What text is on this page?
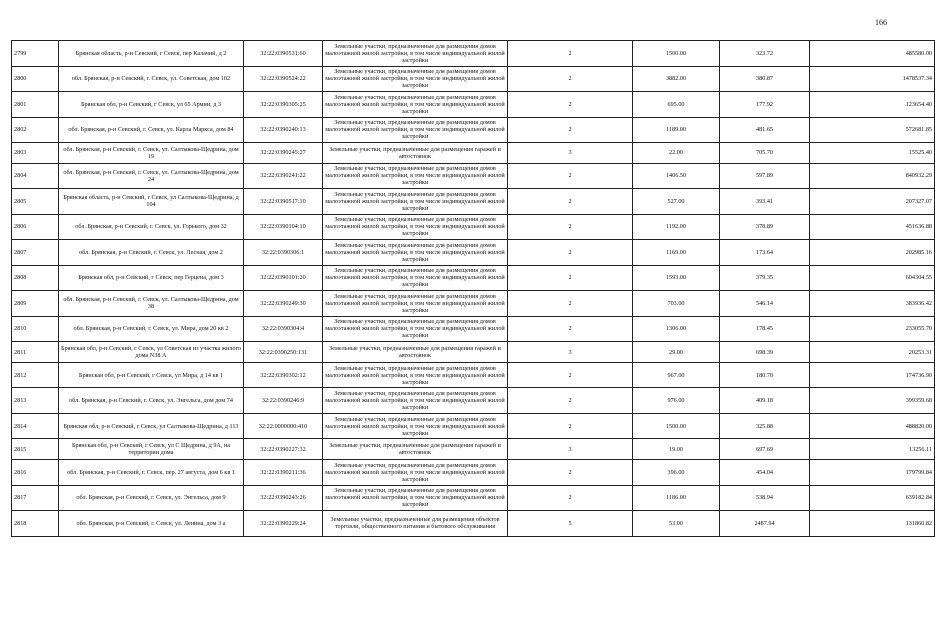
166
2799	Брянская область, р-н Севский, г Севск, пер Калачий, д 2	32:22:0390531:60	Земельные участки, предназначенные для размещения домов малоэтажной жилой застройки, в том числе индивидуальной жилой застройки	2	1500.00	323.72	485580.00
2800	обл. Брянская, р-н Севский, г. Севск, ул. Советская, дом 102	32:22:0390524:22	Земельные участки, предназначенные для размещения домов малоэтажной жилой застройки, в том числе индивидуальной жилой застройки	2	3882.00	380.87	1478537.34
2801	Брянская обл, р-н Севский, г Севск, ул 65 Армии, д 3	32:22:0390305:25	Земельные участки, предназначенные для размещения домов малоэтажной жилой застройки, в том числе индивидуальной жилой застройки	2	695.00	177.92	123654.40
2802	обл. Брянская, р-н Севский, г. Севск, ул. Карла Маркса, дом 84	32:22:0390240:13	Земельные участки, предназначенные для размещения домов малоэтажной жилой застройки, в том числе индивидуальной жилой застройки	2	1189.00	481.65	572681.85
2803	обл. Брянская, р-н Севский, г. Севск, ул. Салтыкова-Щедрина, дом 19	32:22:0390245:27	Земельные участки, предназначенные для размещения гаражей и автостоянок	3	22.00	705.70	15525.40
2804	обл. Брянская, р-н Севский, г. Севск, ул. Салтыкова-Щедрина, дом 24	32:22:0390241:22	Земельные участки, предназначенные для размещения домов малоэтажной жилой застройки, в том числе индивидуальной жилой застройки	2	1406.50	597.89	840932.29
2805	Брянская область, р-н Севский, г Севск, ул Салтыкова-Щедрина, д 104	32:22:0390517:10	Земельные участки, предназначенные для размещения домов малоэтажной жилой застройки, в том числе индивидуальной жилой застройки	2	527.00	393.41	207327.07
2806	обл. Брянская, р-н Севский, г. Севск, ул. Горького, дом 32	32:22:0390104:10	Земельные участки, предназначенные для размещения домов малоэтажной жилой застройки, в том числе индивидуальной жилой застройки	2	1192.00	378.89	451636.88
2807	обл. Брянская, р-н Севский, г. Севск, ул. Лесная, дом 2	32:22:0390306:1	Земельные участки, предназначенные для размещения домов малоэтажной жилой застройки, в том числе индивидуальной жилой застройки	2	1169.00	173.64	202985.16
2808	Брянская обл, р-н Севский, г Севск, пер Герцена, дом 3	32:22:0390101:20	Земельные участки, предназначенные для размещения домов малоэтажной жилой застройки, в том числе индивидуальной жилой застройки	2	1593.00	379.35	604304.55
2809	обл. Брянская, р-н Севский, г. Севск, ул. Салтыкова-Щедрина, дом 38	32:22:0390249:30	Земельные участки, предназначенные для размещения домов малоэтажной жилой застройки, в том числе индивидуальной жилой застройки	2	703.00	546.14	383936.42
2810	обл. Брянская, р-н Севский, г. Севск, ул. Мира, дом 20 кв 2	32:22:0390304:4	Земельные участки, предназначенные для размещения домов малоэтажной жилой застройки, в том числе индивидуальной жилой застройки	2	1306.00	178.45	233055.70
2811	Брянская обл, р-н Севский, г Севск, ул Советская из участка жилого дома N38 А	32:22:0390250:131	Земельные участки, предназначенные для размещения гаражей и автостоянок	3	29.00	698.39	20253.31
2812	Брянская обл, р-н Севский, г Севск, ул Мира, д 14 кв 1	32:22:0390302:12	Земельные участки, предназначенные для размещения домов малоэтажной жилой застройки, в том числе индивидуальной жилой застройки	2	967.00	180.70	174736.90
2813	обл. Брянская, р-н Севский, г. Севск, ул. Энгельса, дом дом 74	32:22:0390246:9	Земельные участки, предназначенные для размещения домов малоэтажной жилой застройки, в том числе индивидуальной жилой застройки	2	976.00	409.18	399359.68
2814	Брянская обл, р-н Севский, г Севск, ул Салтыкова-Щедрина, д 113	32:22:0000000:410	Земельные участки, предназначенные для размещения домов малоэтажной жилой застройки, в том числе индивидуальной жилой застройки	2	1500.00	325.88	488820.00
2815	Брянская обл, р-н Севский, г Севск, ул С Щедрина, д 9А, на территории дома	32:22:0390227:32	Земельные участки, предназначенные для размещения гаражей и автостоянок	3	19.00	697.69	13256.11
2816	обл. Брянская, р-н Севский, г. Севск, пер. 27 августа, дом 6 кв 1	32:22:0390211:36	Земельные участки, предназначенные для размещения домов малоэтажной жилой застройки, в том числе индивидуальной жилой застройки	2	396.00	454.04	179799.84
2817	обл. Брянская, р-н Севский, г. Севск, ул. Энгельса, дом 9	32:22:0390243:26	Земельные участки, предназначенные для размещения домов малоэтажной жилой застройки, в том числе индивидуальной жилой застройки	2	1186.00	538.94	639182.84
2818	обл. Брянская, р-н Севский, г. Севск, ул. Ленина, дом 3 а	32:22:0390229:24	Земельные участки, предназначенные для размещения объектов торговли, общественного питания и бытового обслуживания	5	53.00	2487.94	131860.82
